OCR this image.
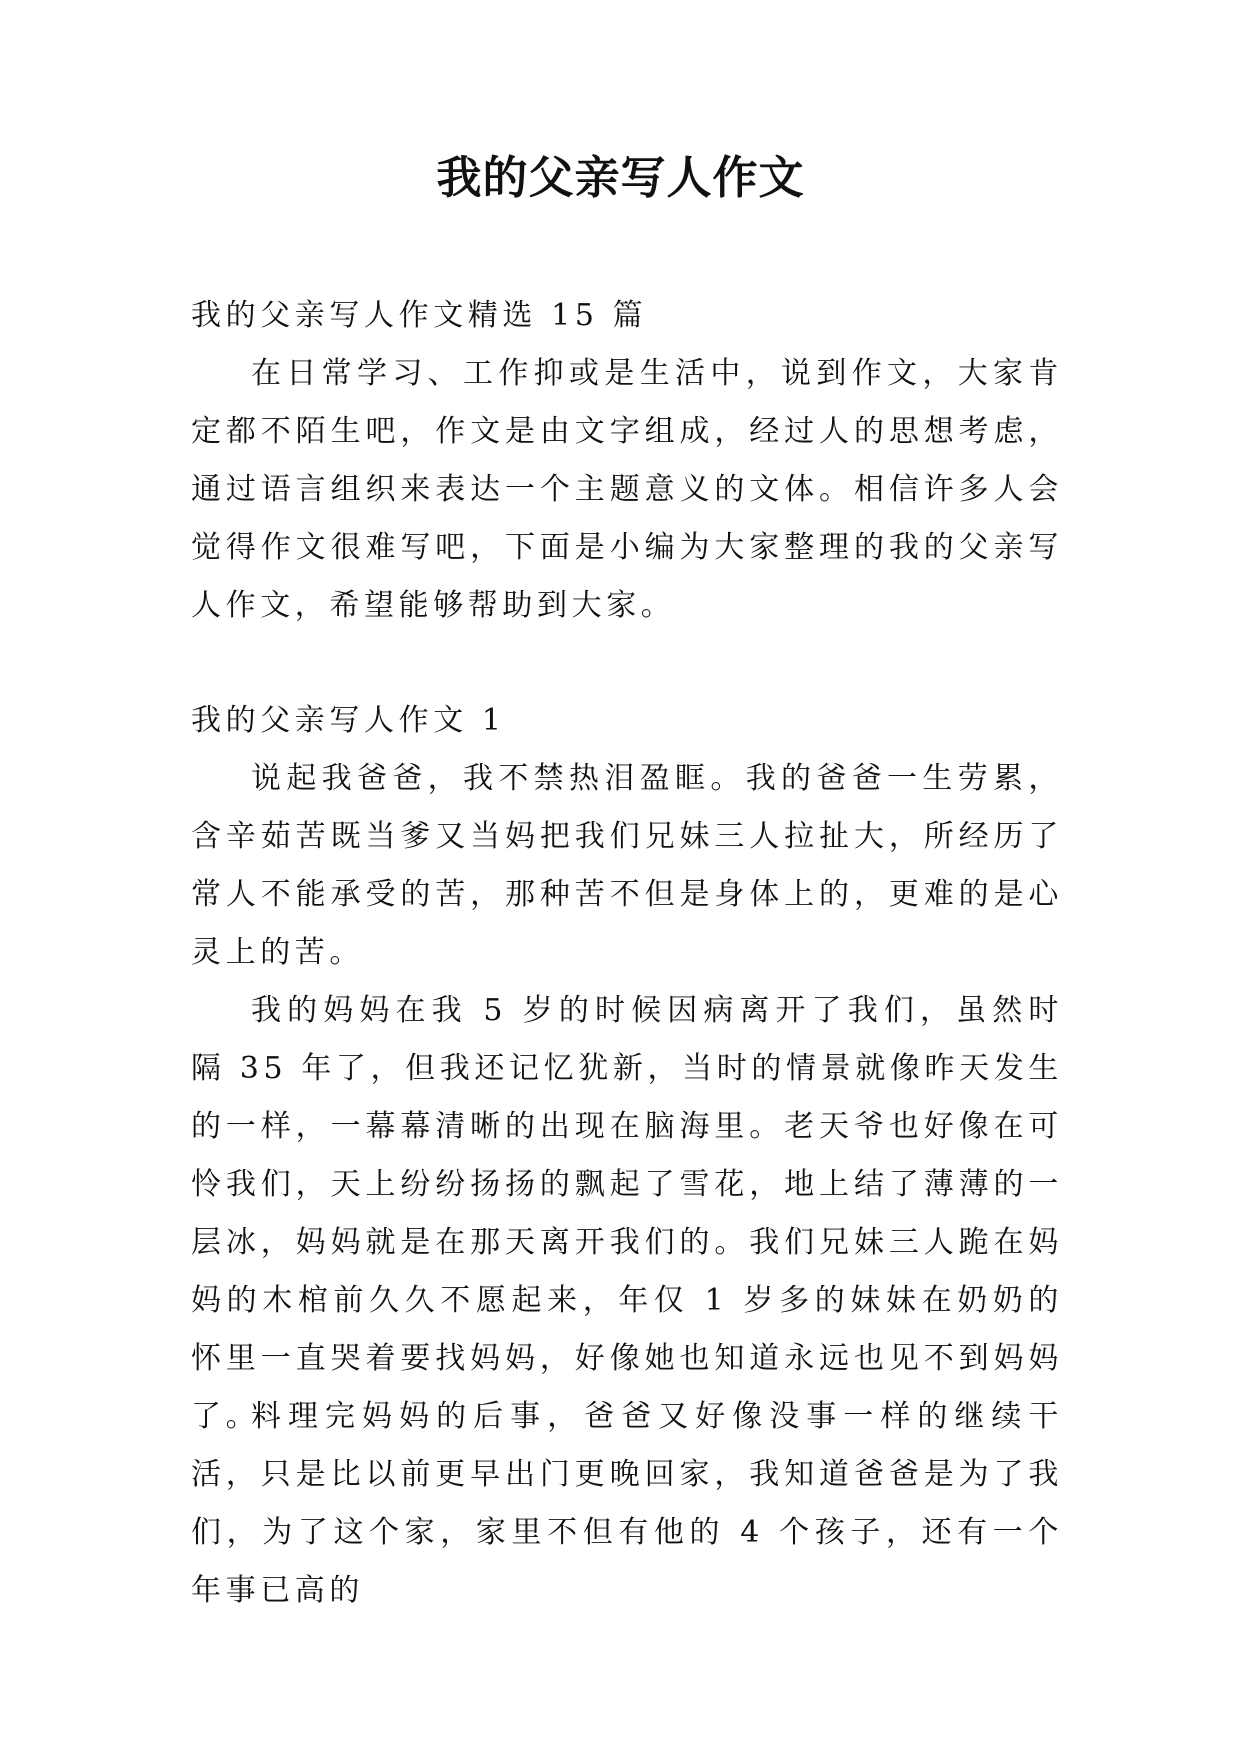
我的父亲写人作文

我的父亲写人作文精选 15 篇

在日常学习、工作抑或是生活中，说到作文，大家肯定都不陌生吧，作文是由文字组成，经过人的思想考虑，通过语言组织来表达一个主题意义的文体。相信许多人会觉得作文很难写吧，下面是小编为大家整理的我的父亲写人作文，希望能够帮助到大家。

我的父亲写人作文 1

说起我爸爸，我不禁热泪盈眶。我的爸爸一生劳累，含辛茹苦既当爹又当妈把我们兄妹三人拉扯大，所经历了常人不能承受的苦，那种苦不但是身体上的，更难的是心灵上的苦。

我的妈妈在我 5 岁的时候因病离开了我们，虽然时隔 35 年了，但我还记忆犹新，当时的情景就像昨天发生的一样，一幕幕清晰的出现在脑海里。老天爷也好像在可怜我们，天上纷纷扬扬的飘起了雪花，地上结了薄薄的一层冰，妈妈就是在那天离开我们的。我们兄妹三人跪在妈妈的木棺前久久不愿起来，年仅 1 岁多的妹妹在奶奶的怀里一直哭着要找妈妈，好像她也知道永远也见不到妈妈了。

料理完妈妈的后事，爸爸又好像没事一样的继续干活，只是比以前更早出门更晚回家，我知道爸爸是为了我们，为了这个家，家里不但有他的 4 个孩子，还有一个年事已高的
